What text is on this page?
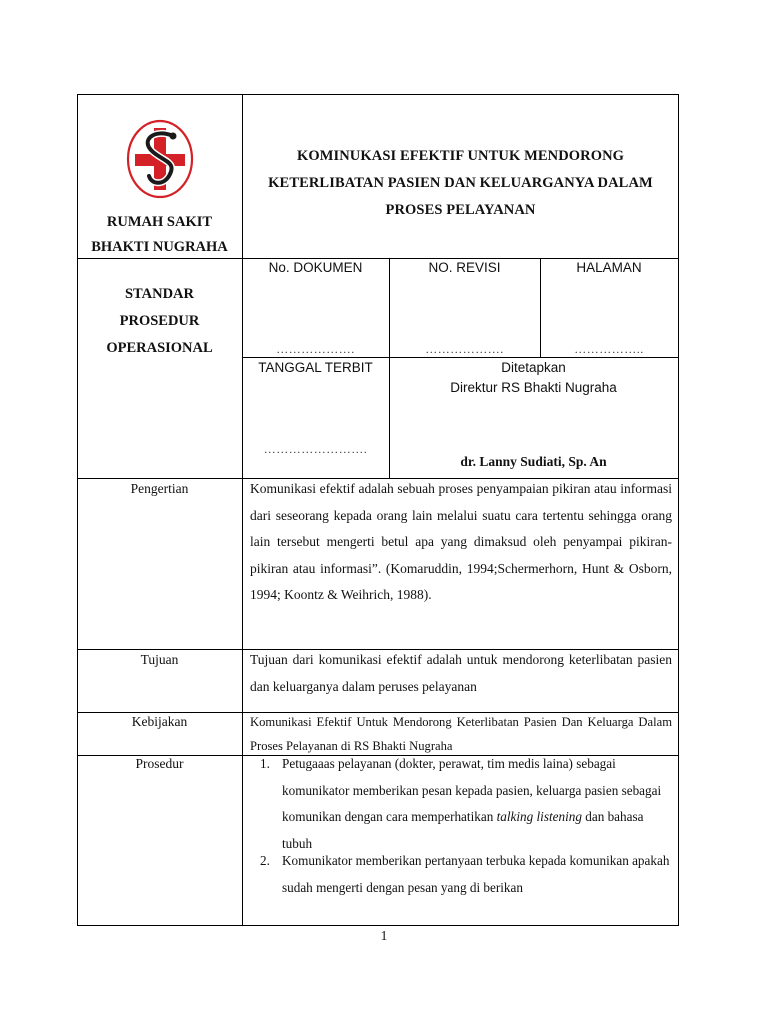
RUMAH SAKIT
BHAKTI NUGRAHA
KOMINUKASI EFEKTIF UNTUK MENDORONG
KETERLIBATAN PASIEN DAN KELUARGANYA DALAM
PROSES PELAYANAN
STANDAR
PROSEDUR
OPERASIONAL
No. DOKUMEN	NO. REVISI	HALAMAN
……………….	……………….	……………..
TANGGAL TERBIT
…………………….
Ditetapkan
Direktur RS Bhakti Nugraha
dr. Lanny Sudiati, Sp. An
Pengertian	Komunikasi efektif adalah sebuah proses penyampaian pikiran atau informasi dari seseorang kepada orang lain melalui suatu cara tertentu sehingga orang lain tersebut mengerti betul apa yang dimaksud oleh penyampai pikiran-pikiran atau informasi”. (Komaruddin, 1994;Schermerhorn, Hunt & Osborn, 1994; Koontz & Weihrich, 1988).
Tujuan	Tujuan dari komunikasi efektif adalah untuk mendorong keterlibatan pasien dan keluarganya dalam peruses pelayanan
Kebijakan	Komunikasi Efektif Untuk Mendorong Keterlibatan Pasien Dan Keluarga Dalam Proses Pelayanan di RS Bhakti Nugraha
Prosedur	1. Petugaaas pelayanan (dokter, perawat, tim medis laina) sebagai komunikator memberikan pesan kepada pasien, keluarga pasien sebagai komunikan dengan cara memperhatikan talking listening dan bahasa tubuh
2. Komunikator memberikan pertanyaan terbuka kepada komunikan apakah sudah mengerti dengan pesan yang di berikan
1
